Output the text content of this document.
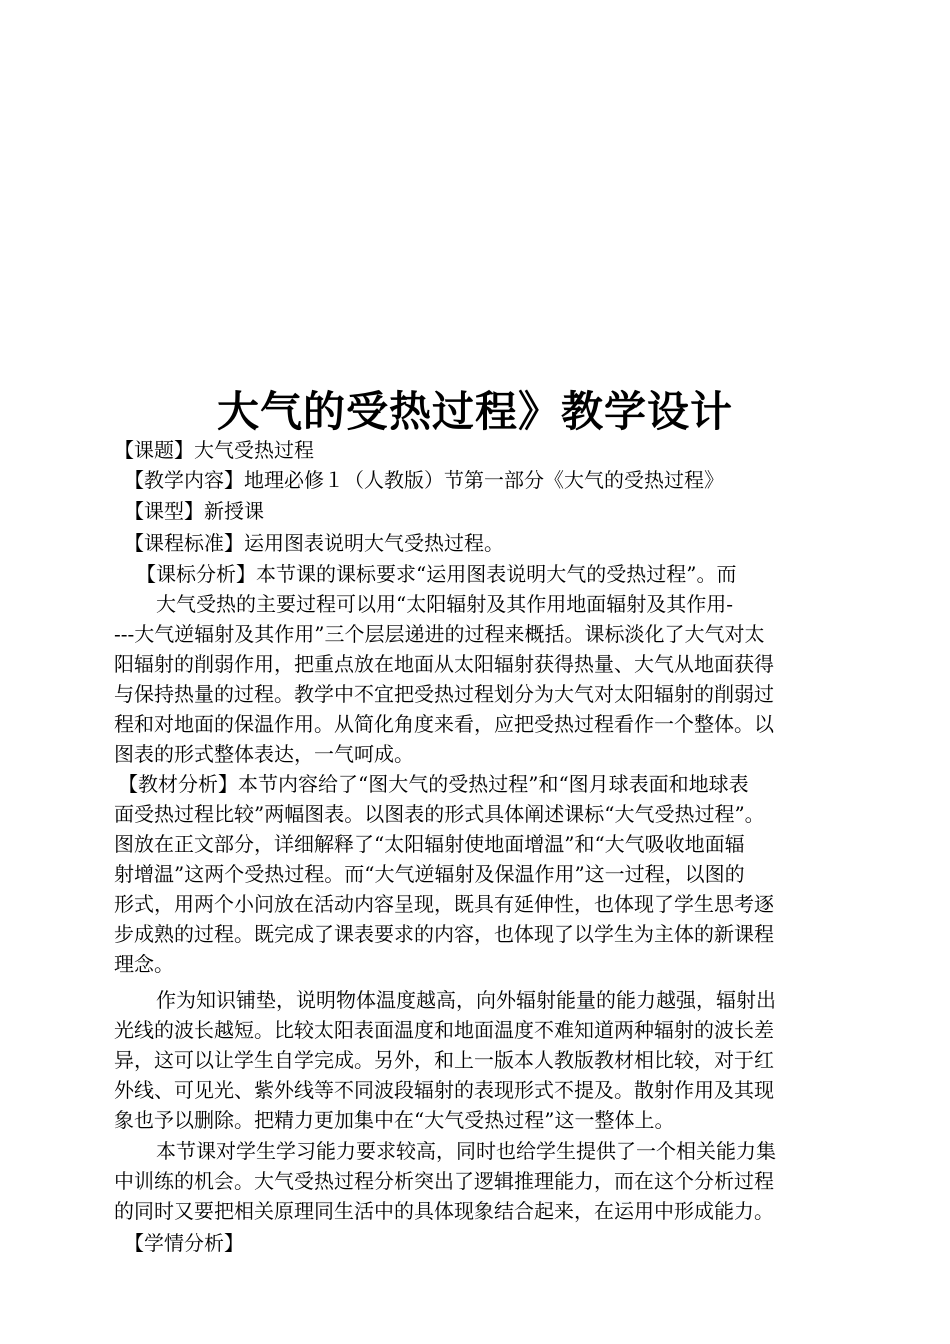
大气的受热过程》教学设计
【课题】大气受热过程
【教学内容】地理必修１（人教版）节第一部分《大气的受热过程》
【课型】新授课
【课程标准】运用图表说明大气受热过程。
【课标分析】本节课的课标要求“运用图表说明大气的受热过程”。而
大气受热的主要过程可以用“太阳辐射及其作用地面辐射及其作用-
---大气逆辐射及其作用”三个层层递进的过程来概括。课标淡化了大气对太
阳辐射的削弱作用，把重点放在地面从太阳辐射获得热量、大气从地面获得
与保持热量的过程。教学中不宜把受热过程划分为大气对太阳辐射的削弱过
程和对地面的保温作用。从简化角度来看，应把受热过程看作一个整体。以
图表的形式整体表达，一气呵成。
【教材分析】本节内容给了“图大气的受热过程”和“图月球表面和地球表
面受热过程比较”两幅图表。以图表的形式具体阐述课标“大气受热过程”。
图放在正文部分，详细解释了“太阳辐射使地面增温”和“大气吸收地面辐
射增温”这两个受热过程。而“大气逆辐射及保温作用”这一过程，以图的
形式，用两个小问放在活动内容呈现，既具有延伸性，也体现了学生思考逐
步成熟的过程。既完成了课表要求的内容，也体现了以学生为主体的新课程
理念。
作为知识铺垫，说明物体温度越高，向外辐射能量的能力越强，辐射出
光线的波长越短。比较太阳表面温度和地面温度不难知道两种辐射的波长差
异，这可以让学生自学完成。另外，和上一版本人教版教材相比较，对于红
外线、可见光、紫外线等不同波段辐射的表现形式不提及。散射作用及其现
象也予以删除。把精力更加集中在“大气受热过程”这一整体上。
本节课对学生学习能力要求较高，同时也给学生提供了一个相关能力集
中训练的机会。大气受热过程分析突出了逻辑推理能力，而在这个分析过程
的同时又要把相关原理同生活中的具体现象结合起来，在运用中形成能力。
【学情分析】
